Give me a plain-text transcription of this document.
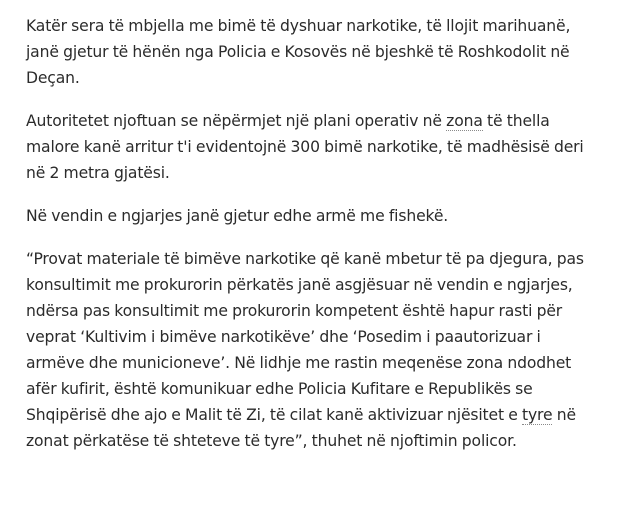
Katër sera të mbjella me bimë të dyshuar narkotike, të llojit marihuanë,
janë gjetur të hënën nga Policia e Kosovës në bjeshkë të Roshkodolit në
Deçan.

Autoritetet njoftuan se nëpërmjet një plani operativ në zona të thella
malore kanë arritur t'i evidentojnë 300 bimë narkotike, të madhësisë deri
në 2 metra gjatësi.

Në vendin e ngjarjes janë gjetur edhe armë me fishekë.

“Provat materiale të bimëve narkotike që kanë mbetur të pa djegura, pas
konsultimit me prokurorin përkatës janë asgjësuar në vendin e ngjarjes,
ndërsa pas konsultimit me prokurorin kompetent është hapur rasti për
veprat ‘Kultivim i bimëve narkotikëve’ dhe ‘Posedim i paautorizuar i
armëve dhe municioneve’. Në lidhje me rastin meqenëse zona ndodhet
afër kufirit, është komunikuar edhe Policia Kufitare e Republikës se
Shqipërisë dhe ajo e Malit të Zi, të cilat kanë aktivizuar njësitet e tyre në
zonat përkatëse të shteteve të tyre”, thuhet në njoftimin policor.
